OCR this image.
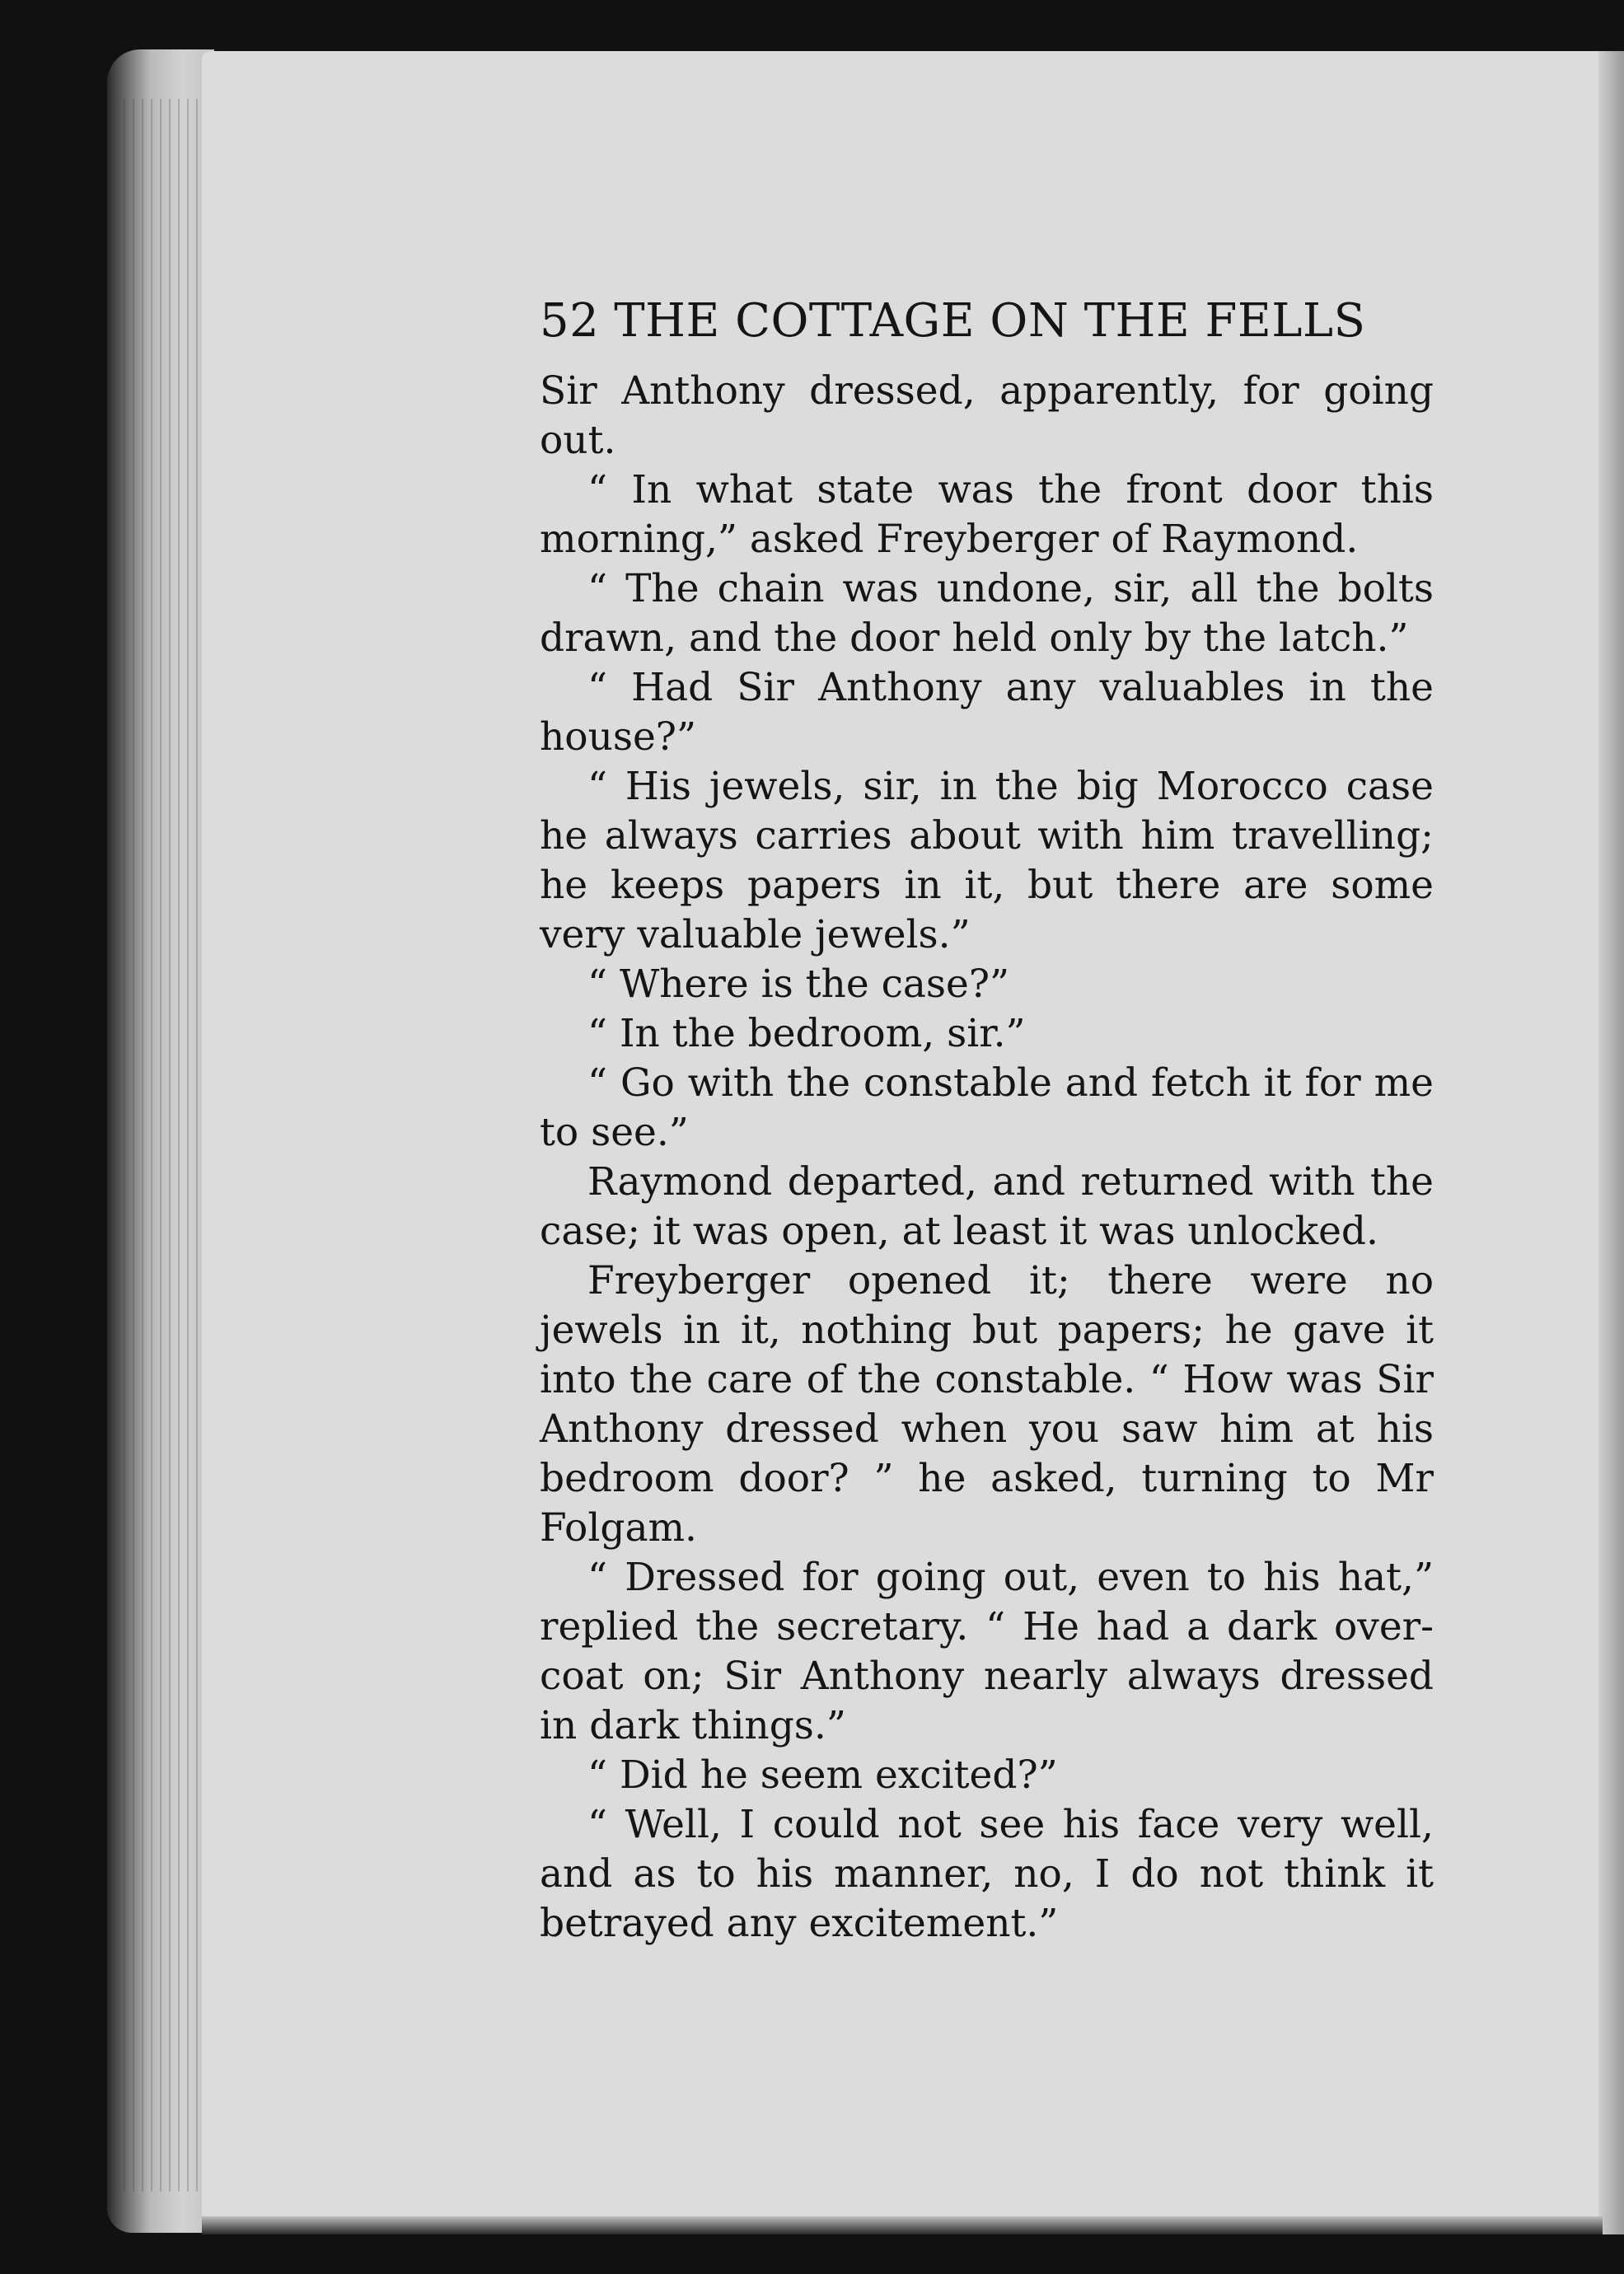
52 THE COTTAGE ON THE FELLS

Sir Anthony dressed, apparently, for going out.

“ In what state was the front door this morning,” asked Freyberger of Raymond.

“ The chain was undone, sir, all the bolts drawn, and the door held only by the latch.”

“ Had Sir Anthony any valuables in the house?”

“ His jewels, sir, in the big Morocco case he always carries about with him travelling; he keeps papers in it, but there are some very valuable jewels.”

“ Where is the case?”

“ In the bedroom, sir.”

“ Go with the constable and fetch it for me to see.”

Raymond departed, and returned with the case; it was open, at least it was unlocked.

Freyberger opened it; there were no jewels in it, nothing but papers; he gave it into the care of the constable. “ How was Sir Anthony dressed when you saw him at his bedroom door? ” he asked, turning to Mr Folgam.

“ Dressed for going out, even to his hat,” replied the secretary. “ He had a dark over-coat on; Sir Anthony nearly always dressed in dark things.”

“ Did he seem excited?”

“ Well, I could not see his face very well, and as to his manner, no, I do not think it betrayed any excitement.”
